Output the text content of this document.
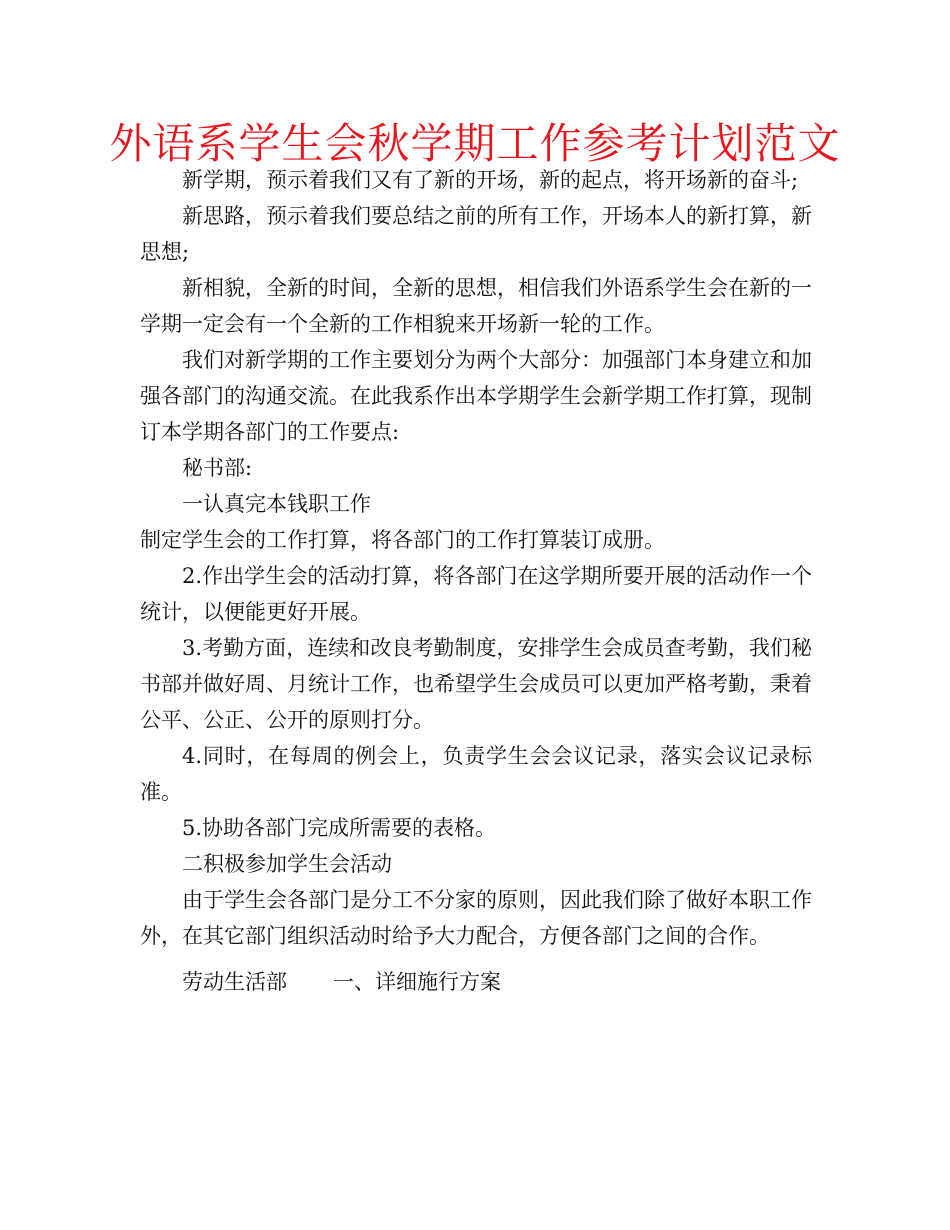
外语系学生会秋学期工作参考计划范文

新学期，预示着我们又有了新的开场，新的起点，将开场新的奋斗;

新思路，预示着我们要总结之前的所有工作，开场本人的新打算，新思想;

新相貌，全新的时间，全新的思想，相信我们外语系学生会在新的一学期一定会有一个全新的工作相貌来开场新一轮的工作。

我们对新学期的工作主要划分为两个大部分：加强部门本身建立和加强各部门的沟通交流。在此我系作出本学期学生会新学期工作打算，现制订本学期各部门的工作要点:

秘书部:

一认真完本钱职工作

制定学生会的工作打算，将各部门的工作打算装订成册。

2.作出学生会的活动打算，将各部门在这学期所要开展的活动作一个统计，以便能更好开展。

3.考勤方面，连续和改良考勤制度，安排学生会成员查考勤，我们秘书部并做好周、月统计工作，也希望学生会成员可以更加严格考勤，秉着公平、公正、公开的原则打分。

4.同时，在每周的例会上，负责学生会会议记录，落实会议记录标准。

5.协助各部门完成所需要的表格。

二积极参加学生会活动

由于学生会各部门是分工不分家的原则，因此我们除了做好本职工作外，在其它部门组织活动时给予大力配合，方便各部门之间的合作。

劳动生活部 一、详细施行方案
